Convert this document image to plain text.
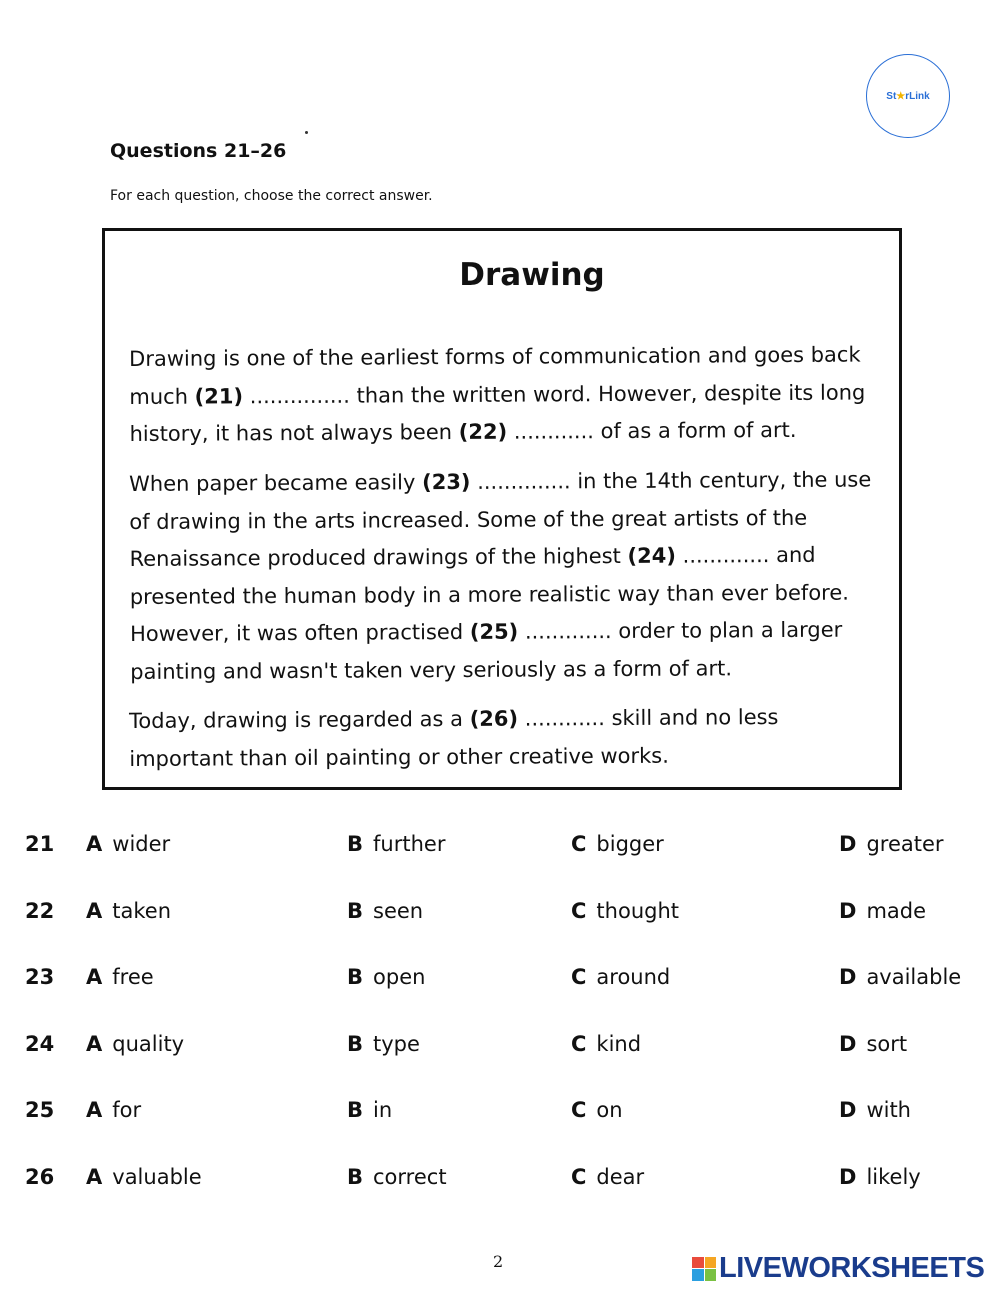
St ★ rLink
Questions 21–26

For each question, choose the correct answer.

Drawing

Drawing is one of the earliest forms of communication and goes back much (21) ............... than the written word. However, despite its long history, it has not always been (22) ............ of as a form of art.

When paper became easily (23) .............. in the 14th century, the use of drawing in the arts increased. Some of the great artists of the Renaissance produced drawings of the highest (24) ............. and presented the human body in a more realistic way than ever before. However, it was often practised (25) ............. order to plan a larger painting and wasn't taken very seriously as a form of art.

Today, drawing is regarded as a (26) ............ skill and no less important than oil painting or other creative works.

21 A wider	B further	C bigger	D greater
22 A taken	B seen	C thought	D made
23 A free	B open	C around	D available
24 A quality	B type	C kind	D sort
25 A for	B in	C on	D with
26 A valuable	B correct	C dear	D likely
2	LIVEWORKSHEETS
